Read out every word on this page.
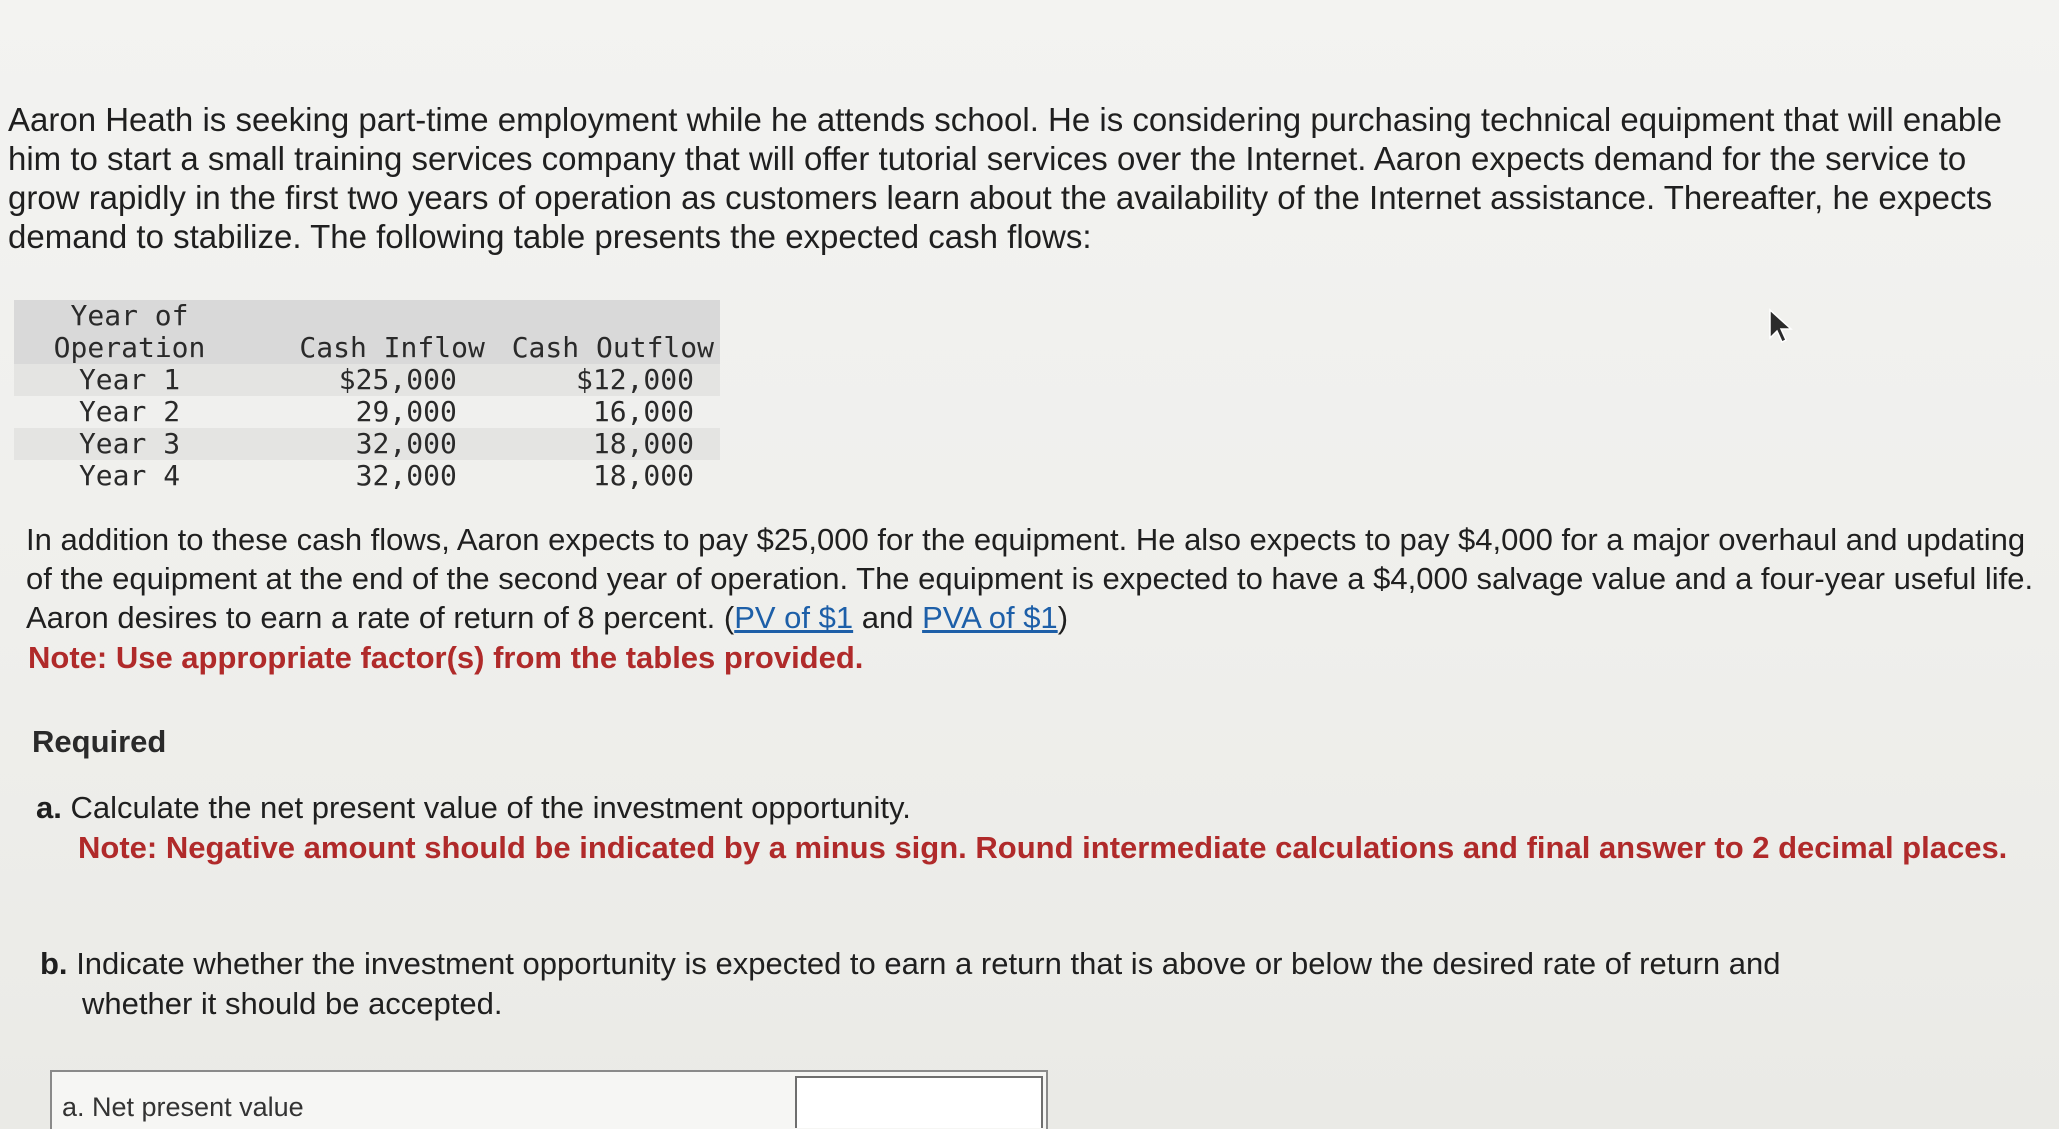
Aaron Heath is seeking part-time employment while he attends school. He is considering purchasing technical equipment that will enable him to start a small training services company that will offer tutorial services over the Internet. Aaron expects demand for the service to grow rapidly in the first two years of operation as customers learn about the availability of the Internet assistance. Thereafter, he expects demand to stabilize. The following table presents the expected cash flows:

Year of
Operation	Cash Inflow	Cash Outflow
Year 1	$25,000	$12,000
Year 2	29,000	16,000
Year 3	32,000	18,000
Year 4	32,000	18,000

In addition to these cash flows, Aaron expects to pay $25,000 for the equipment. He also expects to pay $4,000 for a major overhaul and updating of the equipment at the end of the second year of operation. The equipment is expected to have a $4,000 salvage value and a four-year useful life. Aaron desires to earn a rate of return of 8 percent. (PV of $1 and PVA of $1)

Note: Use appropriate factor(s) from the tables provided.

Required

a. Calculate the net present value of the investment opportunity.
Note: Negative amount should be indicated by a minus sign. Round intermediate calculations and final answer to 2 decimal places.

b. Indicate whether the investment opportunity is expected to earn a return that is above or below the desired rate of return and
whether it should be accepted.

a. Net present value
